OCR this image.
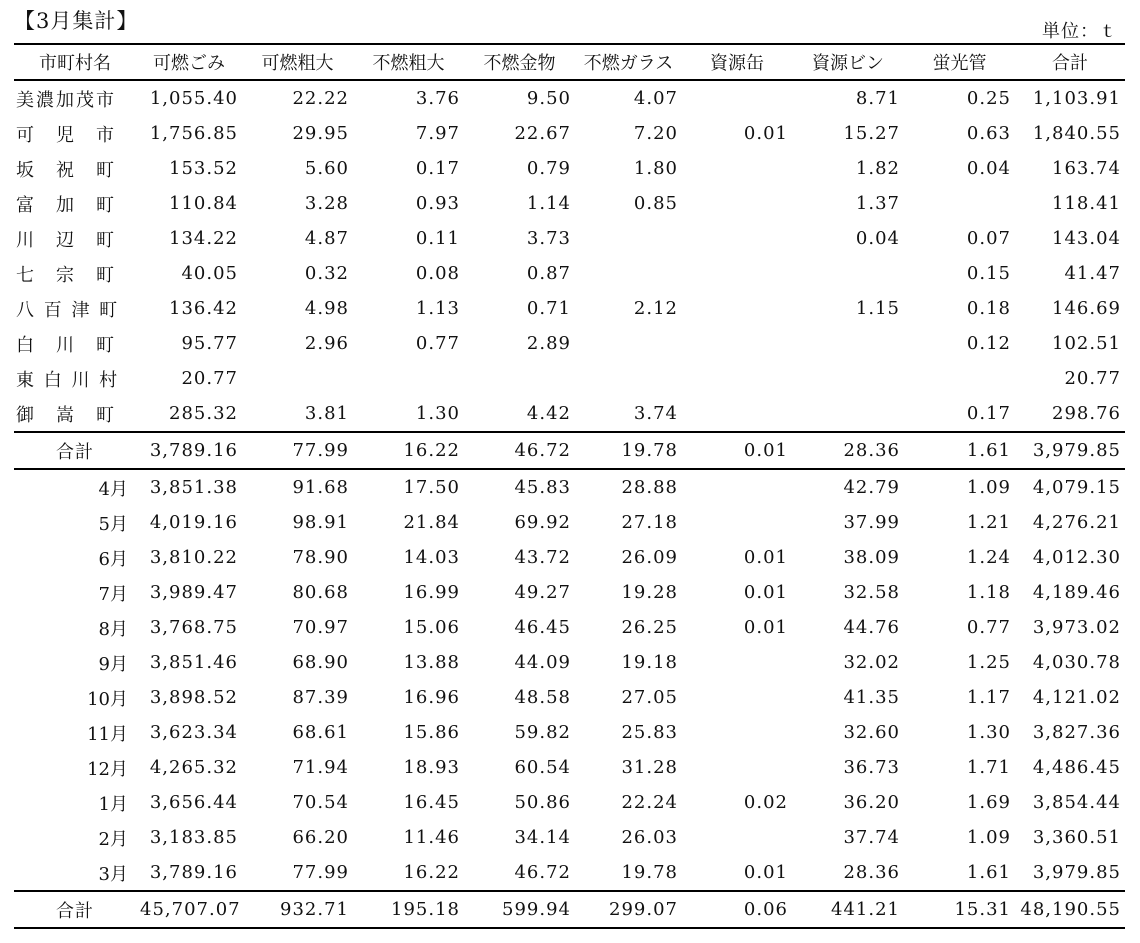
【3月集計】	単位：ｔ
市町村名	可燃ごみ	可燃粗大	不燃粗大	不燃金物	不燃ガラス	資源缶	資源ビン	蛍光管	合計
美濃加茂市	1,055.40	22.22	3.76	9.50	4.07		8.71	0.25	1,103.91
可　児　市	1,756.85	29.95	7.97	22.67	7.20	0.01	15.27	0.63	1,840.55
坂　祝　町	153.52	5.60	0.17	0.79	1.80		1.82	0.04	163.74
富　加　町	110.84	3.28	0.93	1.14	0.85		1.37		118.41
川　辺　町	134.22	4.87	0.11	3.73			0.04	0.07	143.04
七　宗　町	40.05	0.32	0.08	0.87				0.15	41.47
八 百 津 町	136.42	4.98	1.13	0.71	2.12		1.15	0.18	146.69
白　川　町	95.77	2.96	0.77	2.89				0.12	102.51
東 白 川 村	20.77								20.77
御　嵩　町	285.32	3.81	1.30	4.42	3.74			0.17	298.76
合計	3,789.16	77.99	16.22	46.72	19.78	0.01	28.36	1.61	3,979.85
4月	3,851.38	91.68	17.50	45.83	28.88		42.79	1.09	4,079.15
5月	4,019.16	98.91	21.84	69.92	27.18		37.99	1.21	4,276.21
6月	3,810.22	78.90	14.03	43.72	26.09	0.01	38.09	1.24	4,012.30
7月	3,989.47	80.68	16.99	49.27	19.28	0.01	32.58	1.18	4,189.46
8月	3,768.75	70.97	15.06	46.45	26.25	0.01	44.76	0.77	3,973.02
9月	3,851.46	68.90	13.88	44.09	19.18		32.02	1.25	4,030.78
10月	3,898.52	87.39	16.96	48.58	27.05		41.35	1.17	4,121.02
11月	3,623.34	68.61	15.86	59.82	25.83		32.60	1.30	3,827.36
12月	4,265.32	71.94	18.93	60.54	31.28		36.73	1.71	4,486.45
1月	3,656.44	70.54	16.45	50.86	22.24	0.02	36.20	1.69	3,854.44
2月	3,183.85	66.20	11.46	34.14	26.03		37.74	1.09	3,360.51
3月	3,789.16	77.99	16.22	46.72	19.78	0.01	28.36	1.61	3,979.85
合計	45,707.07	932.71	195.18	599.94	299.07	0.06	441.21	15.31	48,190.55
